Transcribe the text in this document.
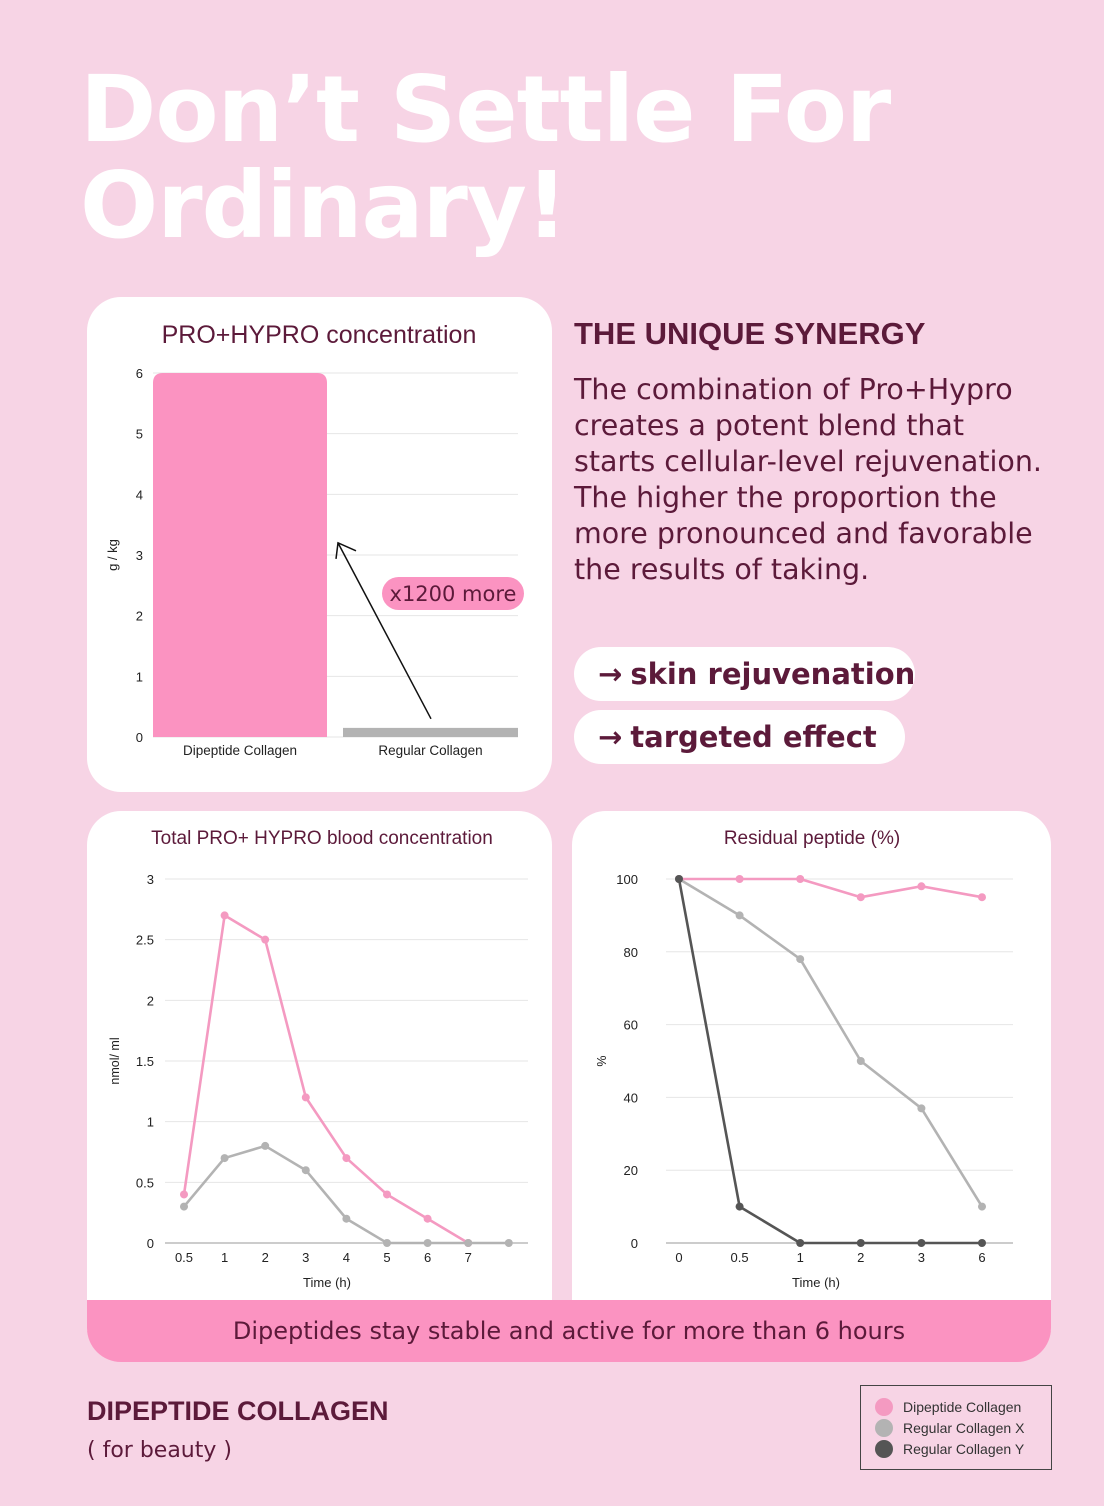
Don’t Settle For
Ordinary!
PRO+HYPRO concentration
0
1
2
3
4
5
6
g / kg
Dipeptide Collagen	Regular Collagen
x1200 more
THE UNIQUE SYNERGY
The combination of Pro+Hypro creates a potent blend that starts cellular-level rejuvenation. The higher the proportion the more pronounced and favorable the results of taking.
→ skin rejuvenation
→ targeted effect
Total PRO+ HYPRO blood concentration
0
0.5
1
1.5
2
2.5
3
0.5 1	2	3	4	5	6	7
Time (h)
nmol/ ml
Residual peptide (%)
0
20
40
60
80
100
0	0.5	1	2	3	6
Time (h)
%
Dipeptides stay stable and active for more than 6 hours
DIPEPTIDE COLLAGEN
( for beauty )
Dipeptide Collagen
Regular Collagen X
Regular Collagen Y
